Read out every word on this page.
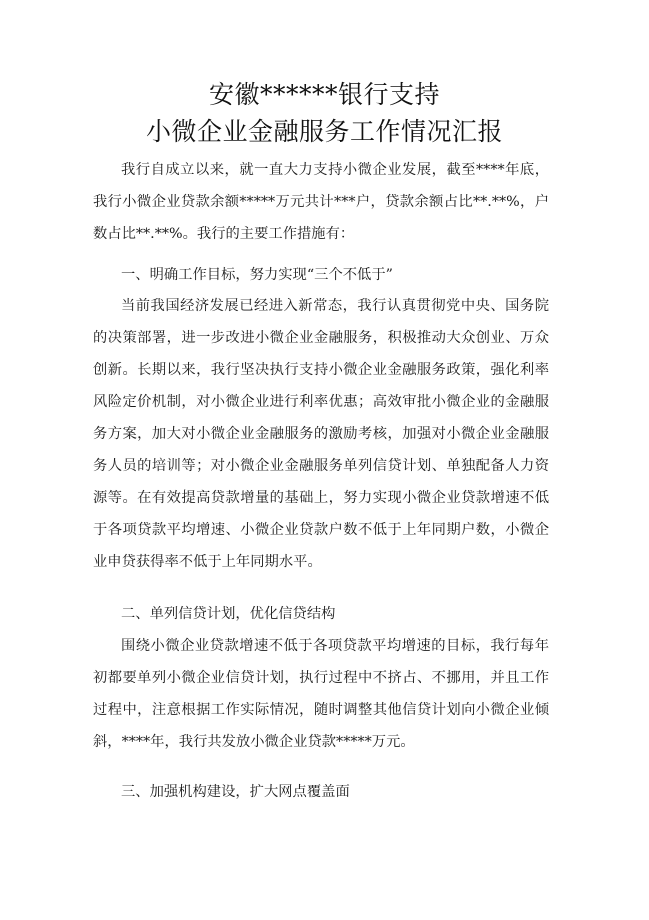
安徽******银行支持
小微企业金融服务工作情况汇报

我行自成立以来，就一直大力支持小微企业发展，截至****年底，我行小微企业贷款余额*****万元共计***户，贷款余额占比**.**%，户数占比**.**%。我行的主要工作措施有：

一、明确工作目标，努力实现“三个不低于”

当前我国经济发展已经进入新常态，我行认真贯彻党中央、国务院的决策部署，进一步改进小微企业金融服务，积极推动大众创业、万众创新。长期以来，我行坚决执行支持小微企业金融服务政策，强化利率风险定价机制，对小微企业进行利率优惠；高效审批小微企业的金融服务方案，加大对小微企业金融服务的激励考核，加强对小微企业金融服务人员的培训等；对小微企业金融服务单列信贷计划、单独配备人力资源等。在有效提高贷款增量的基础上，努力实现小微企业贷款增速不低于各项贷款平均增速、小微企业贷款户数不低于上年同期户数，小微企业申贷获得率不低于上年同期水平。

二、单列信贷计划，优化信贷结构

围绕小微企业贷款增速不低于各项贷款平均增速的目标，我行每年初都要单列小微企业信贷计划，执行过程中不挤占、不挪用，并且工作过程中，注意根据工作实际情况，随时调整其他信贷计划向小微企业倾斜，****年，我行共发放小微企业贷款*****万元。

三、加强机构建设，扩大网点覆盖面
